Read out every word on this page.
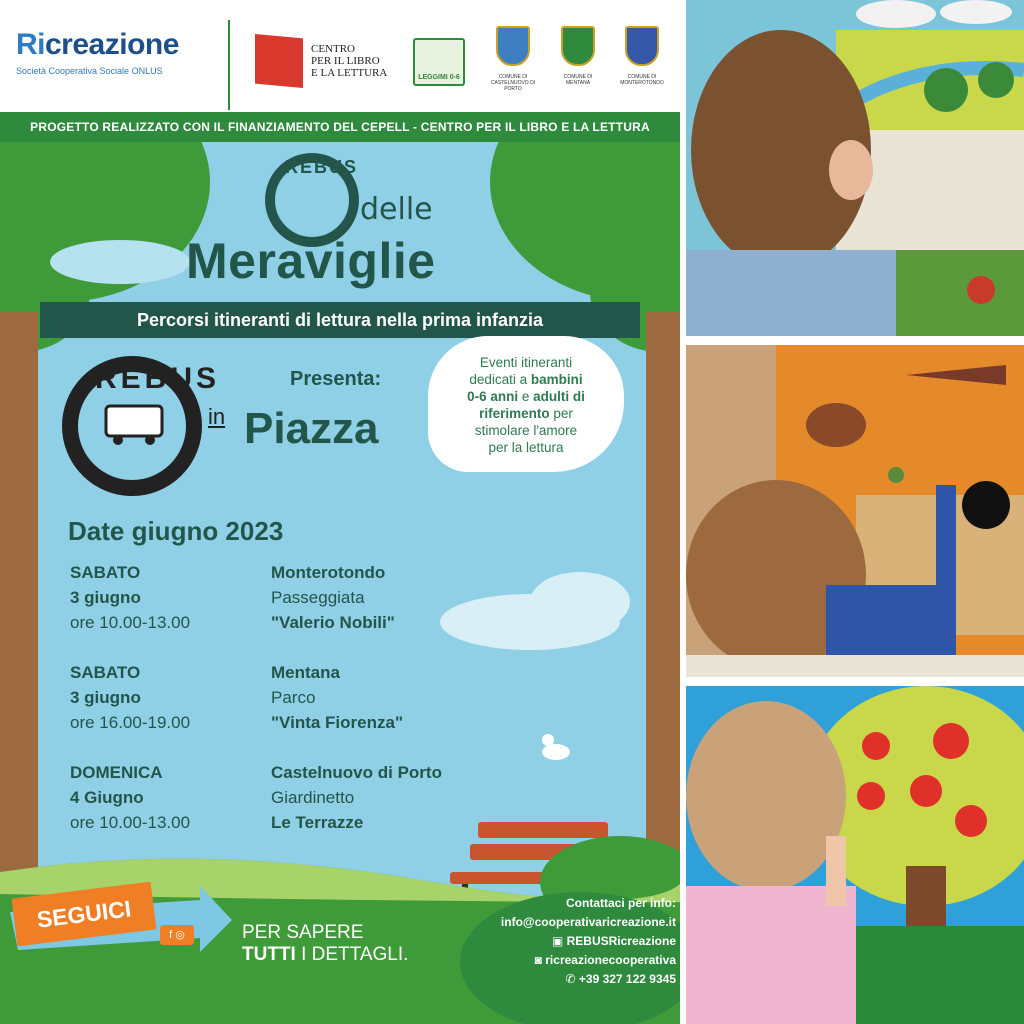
Ricreazione
Società Cooperativa Sociale ONLUS
CENTRO
PER IL LIBRO
E LA LETTURA	LEGGIMI 0-6	COMUNE DI
CASTELNUOVO DI PORTO
COMUNE DI
MENTANA
COMUNE DI
MONTEROTONDO
PROGETTO REALIZZATO CON IL FINANZIAMENTO DEL CEPELL - CENTRO PER IL LIBRO E LA LETTURA
REBUS
delle
Meraviglie
Percorsi itineranti di lettura nella prima infanzia
REBUS
in
Presenta:
Piazza
Eventi itineranti
dedicati a bambini
0-6 anni e adulti di
riferimento per
stimolare l'amore
per la lettura
Date giugno 2023
SABATO
3 giugno
ore 10.00-13.00
Monterotondo
Passeggiata
"Valerio Nobili"
SABATO
3 giugno
ore 16.00-19.00
Mentana
Parco
"Vinta Fiorenza"
DOMENICA
4 Giugno
ore 10.00-13.00
Castelnuovo di Porto
Giardinetto
Le Terrazze
SEGUICI
f ◎	PER SAPERE
TUTTI I DETTAGLI.
Contattaci per info:
info@cooperativaricreazione.it
▣ REBUSRicreazione
◙ ricreazionecooperativa
✆ +39 327 122 9345
